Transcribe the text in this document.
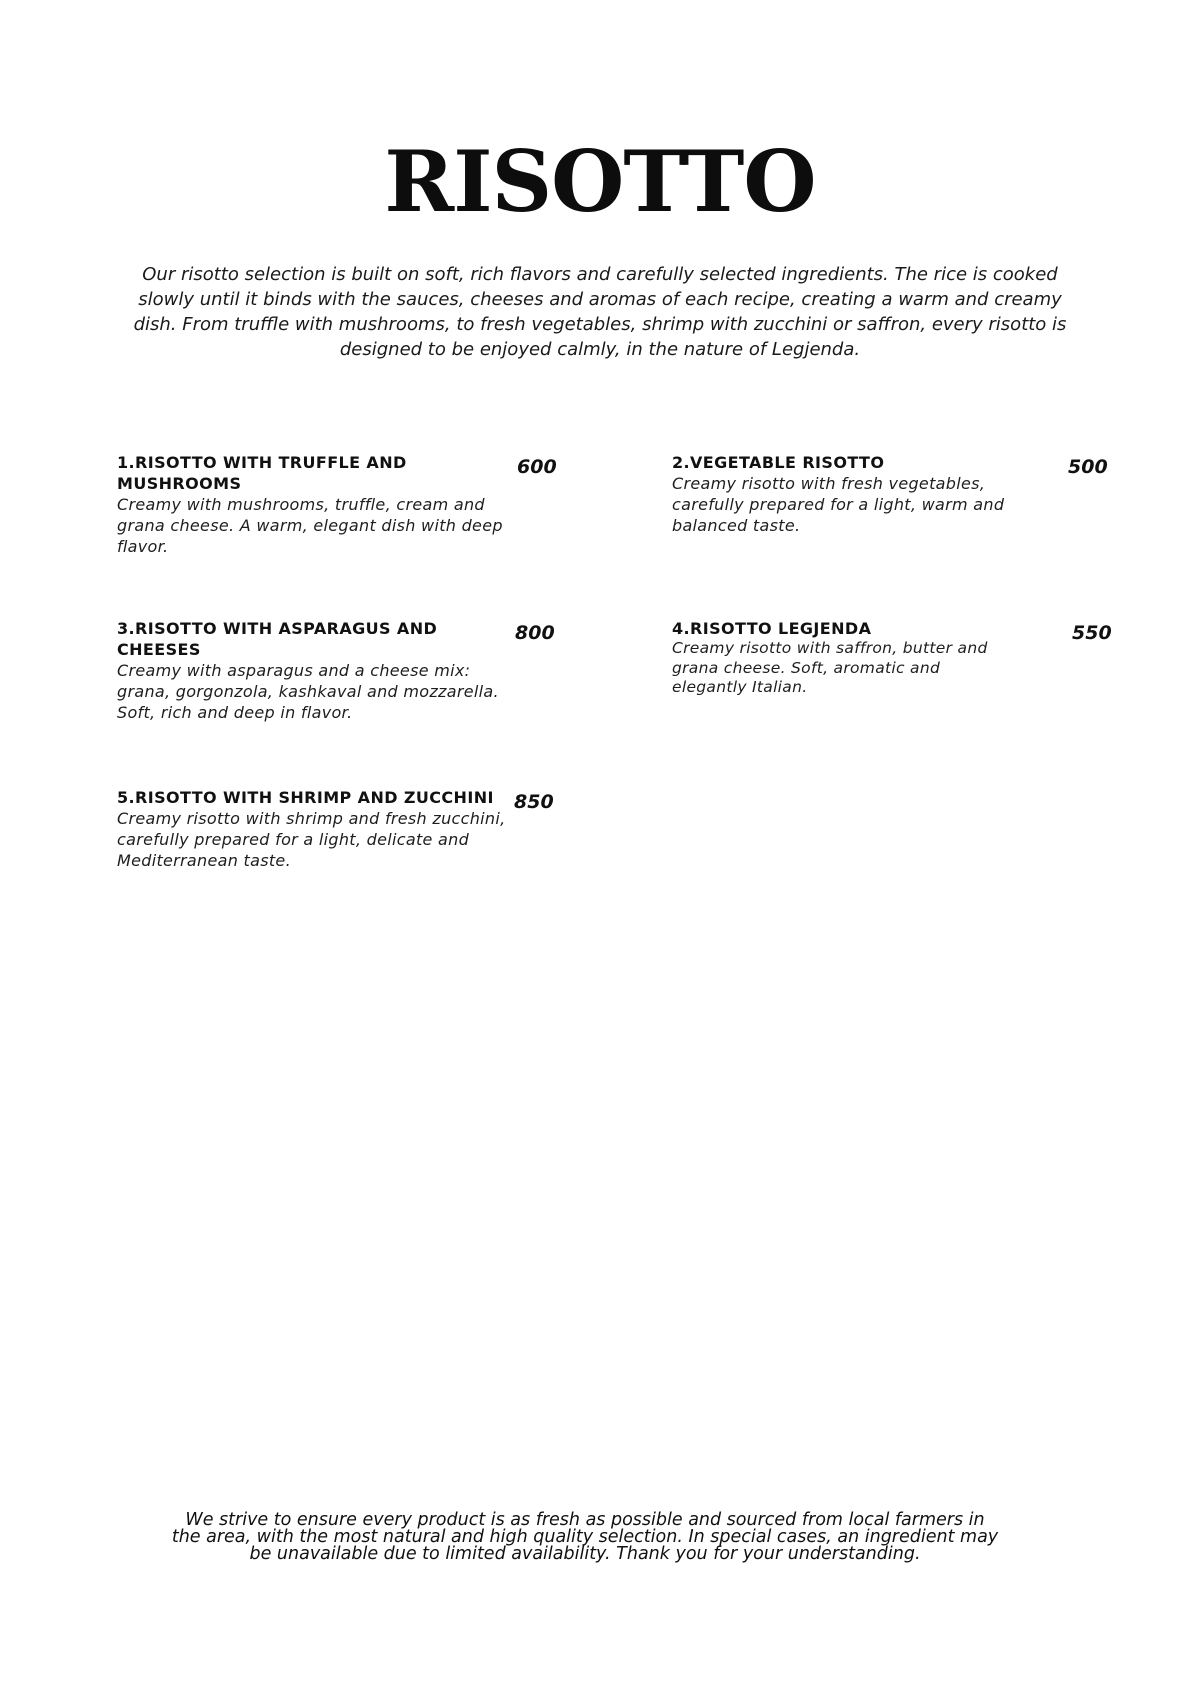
RISOTTO

Our risotto selection is built on soft, rich flavors and carefully selected ingredients. The rice is cooked slowly until it binds with the sauces, cheeses and aromas of each recipe, creating a warm and creamy dish. From truffle with mushrooms, to fresh vegetables, shrimp with zucchini or saffron, every risotto is designed to be enjoyed calmly, in the nature of Legjenda.

1.RISOTTO WITH TRUFFLE AND MUSHROOMS

Creamy with mushrooms, truffle, cream and grana cheese. A warm, elegant dish with deep flavor.

600	2.VEGETABLE RISOTTO

Creamy risotto with fresh vegetables, carefully prepared for a light, warm and balanced taste.

500

3.RISOTTO WITH ASPARAGUS AND CHEESES

Creamy with asparagus and a cheese mix: grana, gorgonzola, kashkaval and mozzarella. Soft, rich and deep in flavor.

800	4.RISOTTO LEGJENDA

Creamy risotto with saffron, butter and grana cheese. Soft, aromatic and elegantly Italian.

550

5.RISOTTO WITH SHRIMP AND ZUCCHINI

Creamy risotto with shrimp and fresh zucchini, carefully prepared for a light, delicate and Mediterranean taste.

850

We strive to ensure every product is as fresh as possible and sourced from local farmers in the area, with the most natural and high quality selection. In special cases, an ingredient may be unavailable due to limited availability. Thank you for your understanding.
